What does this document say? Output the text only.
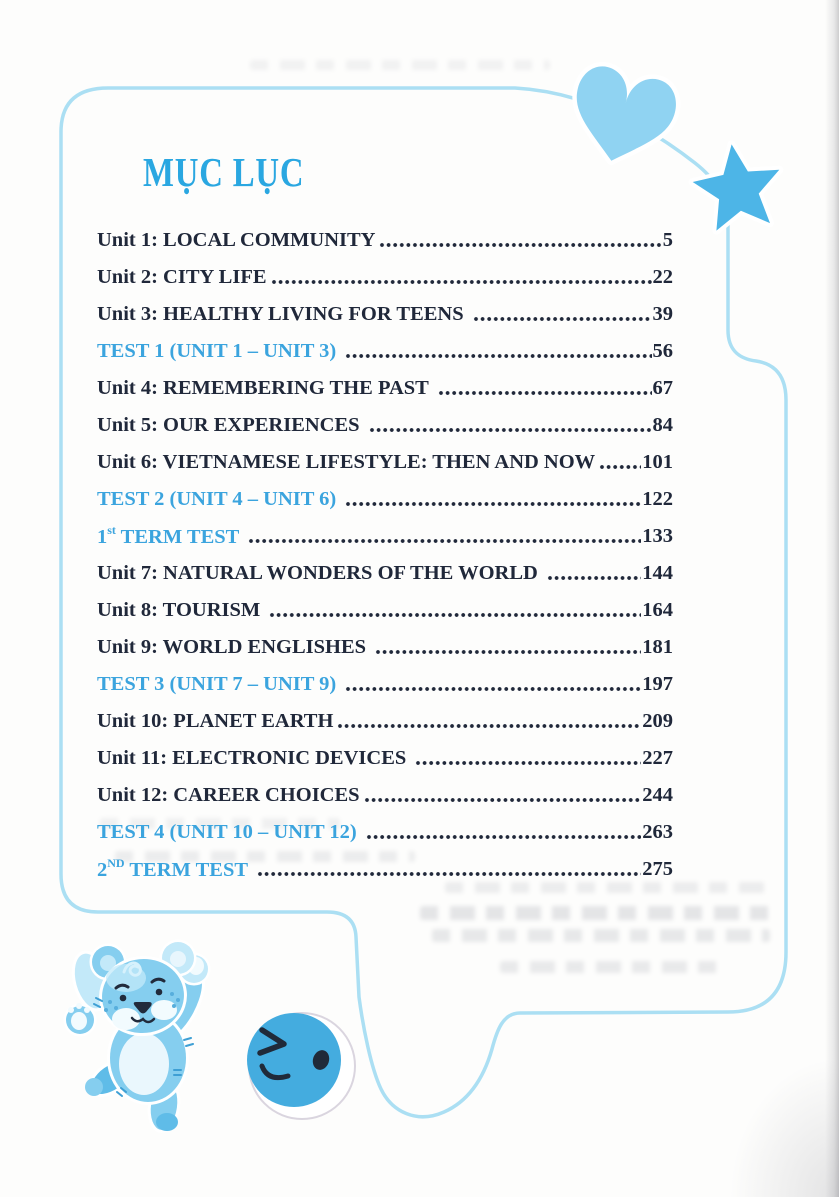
MỤC LỤC
Unit 1: LOCAL COMMUNITY	5
Unit 2: CITY LIFE	22
Unit 3: HEALTHY LIVING FOR TEENS	39
TEST 1 (UNIT 1 – UNIT 3)	56
Unit 4: REMEMBERING THE PAST	67
Unit 5: OUR EXPERIENCES	84
Unit 6: VIETNAMESE LIFESTYLE: THEN AND NOW 101
TEST 2 (UNIT 4 – UNIT 6)	122
1st TERM TEST	133
Unit 7: NATURAL WONDERS OF THE WORLD	144
Unit 8: TOURISM	164
Unit 9: WORLD ENGLISHES	181
TEST 3 (UNIT 7 – UNIT 9)	197
Unit 10: PLANET EARTH	209
Unit 11: ELECTRONIC DEVICES	227
Unit 12: CAREER CHOICES	244
TEST 4 (UNIT 10 – UNIT 12)	263
2ND TERM TEST	275
